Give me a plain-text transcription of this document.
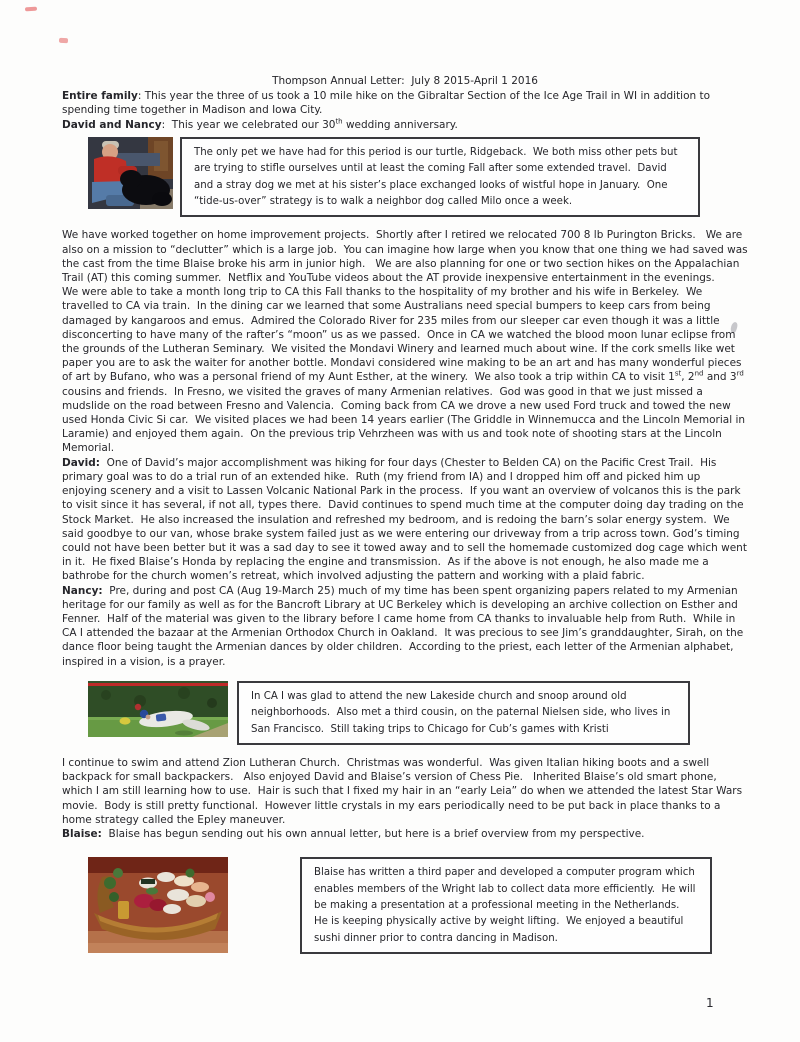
Thompson Annual Letter:  July 8 2015-April 1 2016

Entire family: This year the three of us took a 10 mile hike on the Gibraltar Section of the Ice Age Trail in WI in addition to spending time together in Madison and Iowa City.

David and Nancy:  This year we celebrated our 30th wedding anniversary.

The only pet we have had for this period is our turtle, Ridgeback.  We both miss other pets but are trying to stifle ourselves until at least the coming Fall after some extended travel.  David and a stray dog we met at his sister’s place exchanged looks of wistful hope in January.  One “tide-us-over” strategy is to walk a neighbor dog called Milo once a week.

We have worked together on home improvement projects.  Shortly after I retired we relocated 700 8 lb Purington Bricks.   We are also on a mission to “declutter” which is a large job.  You can imagine how large when you know that one thing we had saved was the cast from the time Blaise broke his arm in junior high.   We are also planning for one or two section hikes on the Appalachian Trail (AT) this coming summer.  Netflix and YouTube videos about the AT provide inexpensive entertainment in the evenings.

We were able to take a month long trip to CA this Fall thanks to the hospitality of my brother and his wife in Berkeley.  We travelled to CA via train.  In the dining car we learned that some Australians need special bumpers to keep cars from being damaged by kangaroos and emus.  Admired the Colorado River for 235 miles from our sleeper car even though it was a little disconcerting to have many of the rafter’s “moon” us as we passed.  Once in CA we watched the blood moon lunar eclipse from the grounds of the Lutheran Seminary.  We visited the Mondavi Winery and learned much about wine. If the cork smells like wet paper you are to ask the waiter for another bottle. Mondavi considered wine making to be an art and has many wonderful pieces of art by Bufano, who was a personal friend of my Aunt Esther, at the winery.  We also took a trip within CA to visit 1st, 2nd and 3rd cousins and friends.  In Fresno, we visited the graves of many Armenian relatives.  God was good in that we just missed a mudslide on the road between Fresno and Valencia.  Coming back from CA we drove a new used Ford truck and towed the new used Honda Civic Si car.  We visited places we had been 14 years earlier (The Griddle in Winnemucca and the Lincoln Memorial in Laramie) and enjoyed them again.  On the previous trip Vehrzheen was with us and took note of shooting stars at the Lincoln Memorial.

David:  One of David’s major accomplishment was hiking for four days (Chester to Belden CA) on the Pacific Crest Trail.  His primary goal was to do a trial run of an extended hike.  Ruth (my friend from IA) and I dropped him off and picked him up enjoying scenery and a visit to Lassen Volcanic National Park in the process.  If you want an overview of volcanos this is the park to visit since it has several, if not all, types there.  David continues to spend much time at the computer doing day trading on the Stock Market.  He also increased the insulation and refreshed my bedroom, and is redoing the barn’s solar energy system.  We said goodbye to our van, whose brake system failed just as we were entering our driveway from a trip across town. God’s timing could not have been better but it was a sad day to see it towed away and to sell the homemade customized dog cage which went in it.  He fixed Blaise’s Honda by replacing the engine and transmission.  As if the above is not enough, he also made me a bathrobe for the church women’s retreat, which involved adjusting the pattern and working with a plaid fabric.

Nancy:  Pre, during and post CA (Aug 19-March 25) much of my time has been spent organizing papers related to my Armenian heritage for our family as well as for the Bancroft Library at UC Berkeley which is developing an archive collection on Esther and Fenner.  Half of the material was given to the library before I came home from CA thanks to invaluable help from Ruth.  While in CA I attended the bazaar at the Armenian Orthodox Church in Oakland.  It was precious to see Jim’s granddaughter, Sirah, on the dance floor being taught the Armenian dances by older children.  According to the priest, each letter of the Armenian alphabet, inspired in a vision, is a prayer.

In CA I was glad to attend the new Lakeside church and snoop around old neighborhoods.  Also met a third cousin, on the paternal Nielsen side, who lives in San Francisco.  Still taking trips to Chicago for Cub’s games with Kristi

I continue to swim and attend Zion Lutheran Church.  Christmas was wonderful.  Was given Italian hiking boots and a swell backpack for small backpackers.   Also enjoyed David and Blaise’s version of Chess Pie.   Inherited Blaise’s old smart phone, which I am still learning how to use.  Hair is such that I fixed my hair in an “early Leia” do when we attended the latest Star Wars movie.  Body is still pretty functional.  However little crystals in my ears periodically need to be put back in place thanks to a home strategy called the Epley maneuver.

Blaise:  Blaise has begun sending out his own annual letter, but here is a brief overview from my perspective.

Blaise has written a third paper and developed a computer program which enables members of the Wright lab to collect data more efficiently.  He will be making a presentation at a professional meeting in the Netherlands.  He is keeping physically active by weight lifting.  We enjoyed a beautiful sushi dinner prior to contra dancing in Madison.
1
